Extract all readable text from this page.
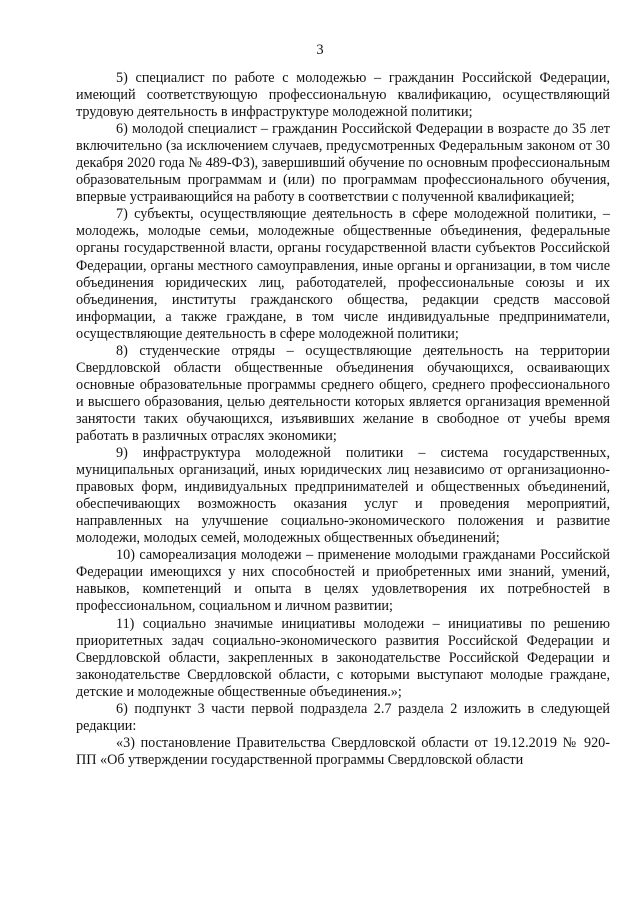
3

5) специалист по работе с молодежью – гражданин Российской Федерации, имеющий соответствующую профессиональную квалификацию, осуществляющий трудовую деятельность в инфраструктуре молодежной политики;

6) молодой специалист – гражданин Российской Федерации в возрасте до 35 лет включительно (за исключением случаев, предусмотренных Федеральным законом от 30 декабря 2020 года № 489-ФЗ), завершивший обучение по основным профессиональным образовательным программам и (или) по программам профессионального обучения, впервые устраивающийся на работу в соответствии с полученной квалификацией;

7) субъекты, осуществляющие деятельность в сфере молодежной политики, – молодежь, молодые семьи, молодежные общественные объединения, федеральные органы государственной власти, органы государственной власти субъектов Российской Федерации, органы местного самоуправления, иные органы и организации, в том числе объединения юридических лиц, работодателей, профессиональные союзы и их объединения, институты гражданского общества, редакции средств массовой информации, а также граждане, в том числе индивидуальные предприниматели, осуществляющие деятельность в сфере молодежной политики;

8) студенческие отряды – осуществляющие деятельность на территории Свердловской области общественные объединения обучающихся, осваивающих основные образовательные программы среднего общего, среднего профессионального и высшего образования, целью деятельности которых является организация временной занятости таких обучающихся, изъявивших желание в свободное от учебы время работать в различных отраслях экономики;

9) инфраструктура молодежной политики – система государственных, муниципальных организаций, иных юридических лиц независимо от организационно-правовых форм, индивидуальных предпринимателей и общественных объединений, обеспечивающих возможность оказания услуг и проведения мероприятий, направленных на улучшение социально-экономического положения и развитие молодежи, молодых семей, молодежных общественных объединений;

10) самореализация молодежи – применение молодыми гражданами Российской Федерации имеющихся у них способностей и приобретенных ими знаний, умений, навыков, компетенций и опыта в целях удовлетворения их потребностей в профессиональном, социальном и личном развитии;

11) социально значимые инициативы молодежи – инициативы по решению приоритетных задач социально-экономического развития Российской Федерации и Свердловской области, закрепленных в законодательстве Российской Федерации и законодательстве Свердловской области, с которыми выступают молодые граждане, детские и молодежные общественные объединения.»;

6) подпункт 3 части первой подраздела 2.7 раздела 2 изложить в следующей редакции:

«3) постановление Правительства Свердловской области от 19.12.2019 № 920-ПП «Об утверждении государственной программы Свердловской области
